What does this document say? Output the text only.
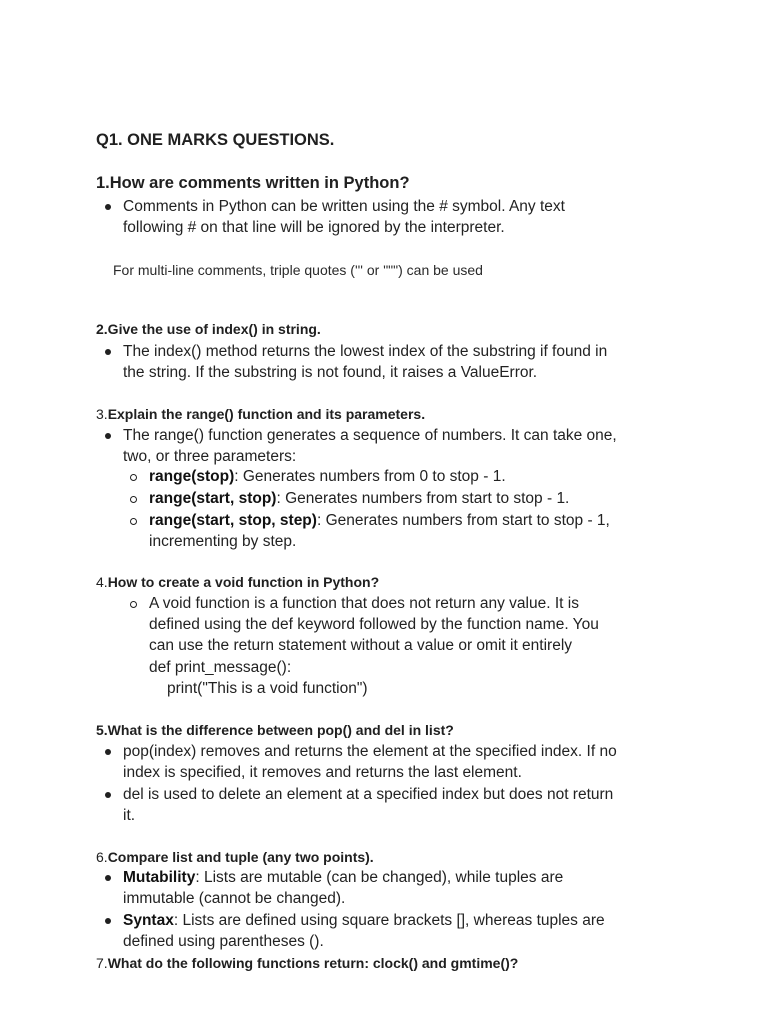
Q1. ONE MARKS QUESTIONS.
1.How are comments written in Python?
Comments in Python can be written using the # symbol. Any text
following # on that line will be ignored by the interpreter.
For multi-line comments, triple quotes (''' or """) can be used
2.Give the use of index() in string.
The index() method returns the lowest index of the substring if found in
the string. If the substring is not found, it raises a ValueError.
3.Explain the range() function and its parameters.
The range() function generates a sequence of numbers. It can take one,
two, or three parameters:
range(stop): Generates numbers from 0 to stop - 1.
range(start, stop): Generates numbers from start to stop - 1.
range(start, stop, step): Generates numbers from start to stop - 1,
incrementing by step.
4.How to create a void function in Python?
A void function is a function that does not return any value. It is
defined using the def keyword followed by the function name. You
can use the return statement without a value or omit it entirely
def print_message():
print("This is a void function")
5.What is the difference between pop() and del in list?
pop(index) removes and returns the element at the specified index. If no
index is specified, it removes and returns the last element.
del is used to delete an element at a specified index but does not return
it.
6.Compare list and tuple (any two points).
Mutability: Lists are mutable (can be changed), while tuples are
immutable (cannot be changed).
Syntax: Lists are defined using square brackets [], whereas tuples are
defined using parentheses ().
7.What do the following functions return: clock() and gmtime()?
